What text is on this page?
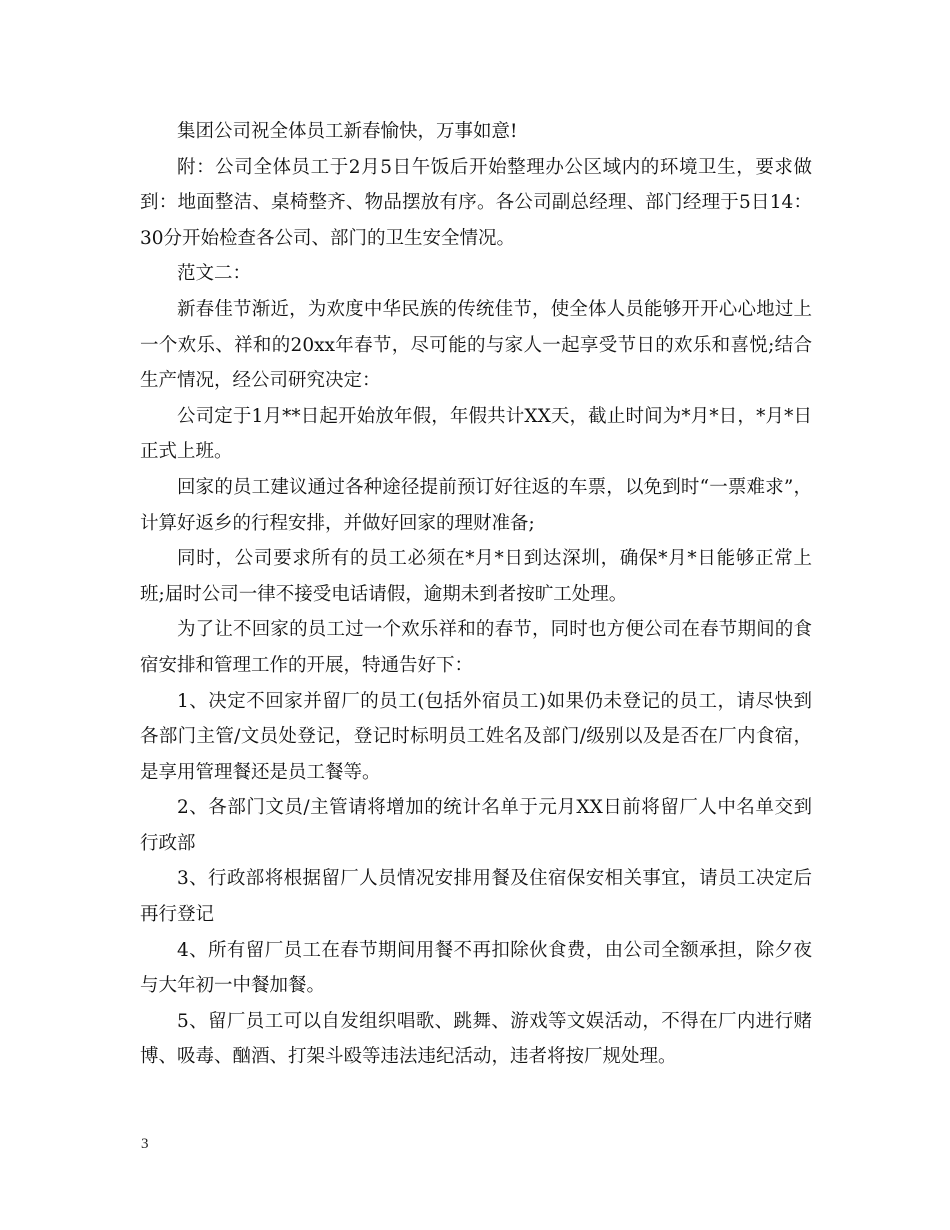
集团公司祝全体员工新春愉快，万事如意!

附：公司全体员工于2月5日午饭后开始整理办公区域内的环境卫生，要求做到：地面整洁、桌椅整齐、物品摆放有序。各公司副总经理、部门经理于5日14：30分开始检查各公司、部门的卫生安全情况。

范文二：

新春佳节渐近，为欢度中华民族的传统佳节，使全体人员能够开开心心地过上一个欢乐、祥和的20xx年春节，尽可能的与家人一起享受节日的欢乐和喜悦;结合生产情况，经公司研究决定：

公司定于1月**日起开始放年假，年假共计XX天，截止时间为*月*日，*月*日正式上班。

回家的员工建议通过各种途径提前预订好往返的车票，以免到时“一票难求”，计算好返乡的行程安排，并做好回家的理财准备;

同时，公司要求所有的员工必须在*月*日到达深圳，确保*月*日能够正常上班;届时公司一律不接受电话请假，逾期未到者按旷工处理。

为了让不回家的员工过一个欢乐祥和的春节，同时也方便公司在春节期间的食宿安排和管理工作的开展，特通告好下：

1、决定不回家并留厂的员工(包括外宿员工)如果仍未登记的员工，请尽快到各部门主管/文员处登记，登记时标明员工姓名及部门/级别以及是否在厂内食宿，是享用管理餐还是员工餐等。

2、各部门文员/主管请将增加的统计名单于元月XX日前将留厂人中名单交到行政部

3、行政部将根据留厂人员情况安排用餐及住宿保安相关事宜，请员工决定后再行登记

4、所有留厂员工在春节期间用餐不再扣除伙食费，由公司全额承担，除夕夜与大年初一中餐加餐。

5、留厂员工可以自发组织唱歌、跳舞、游戏等文娱活动，不得在厂内进行赌博、吸毒、酗酒、打架斗殴等违法违纪活动，违者将按厂规处理。

3
